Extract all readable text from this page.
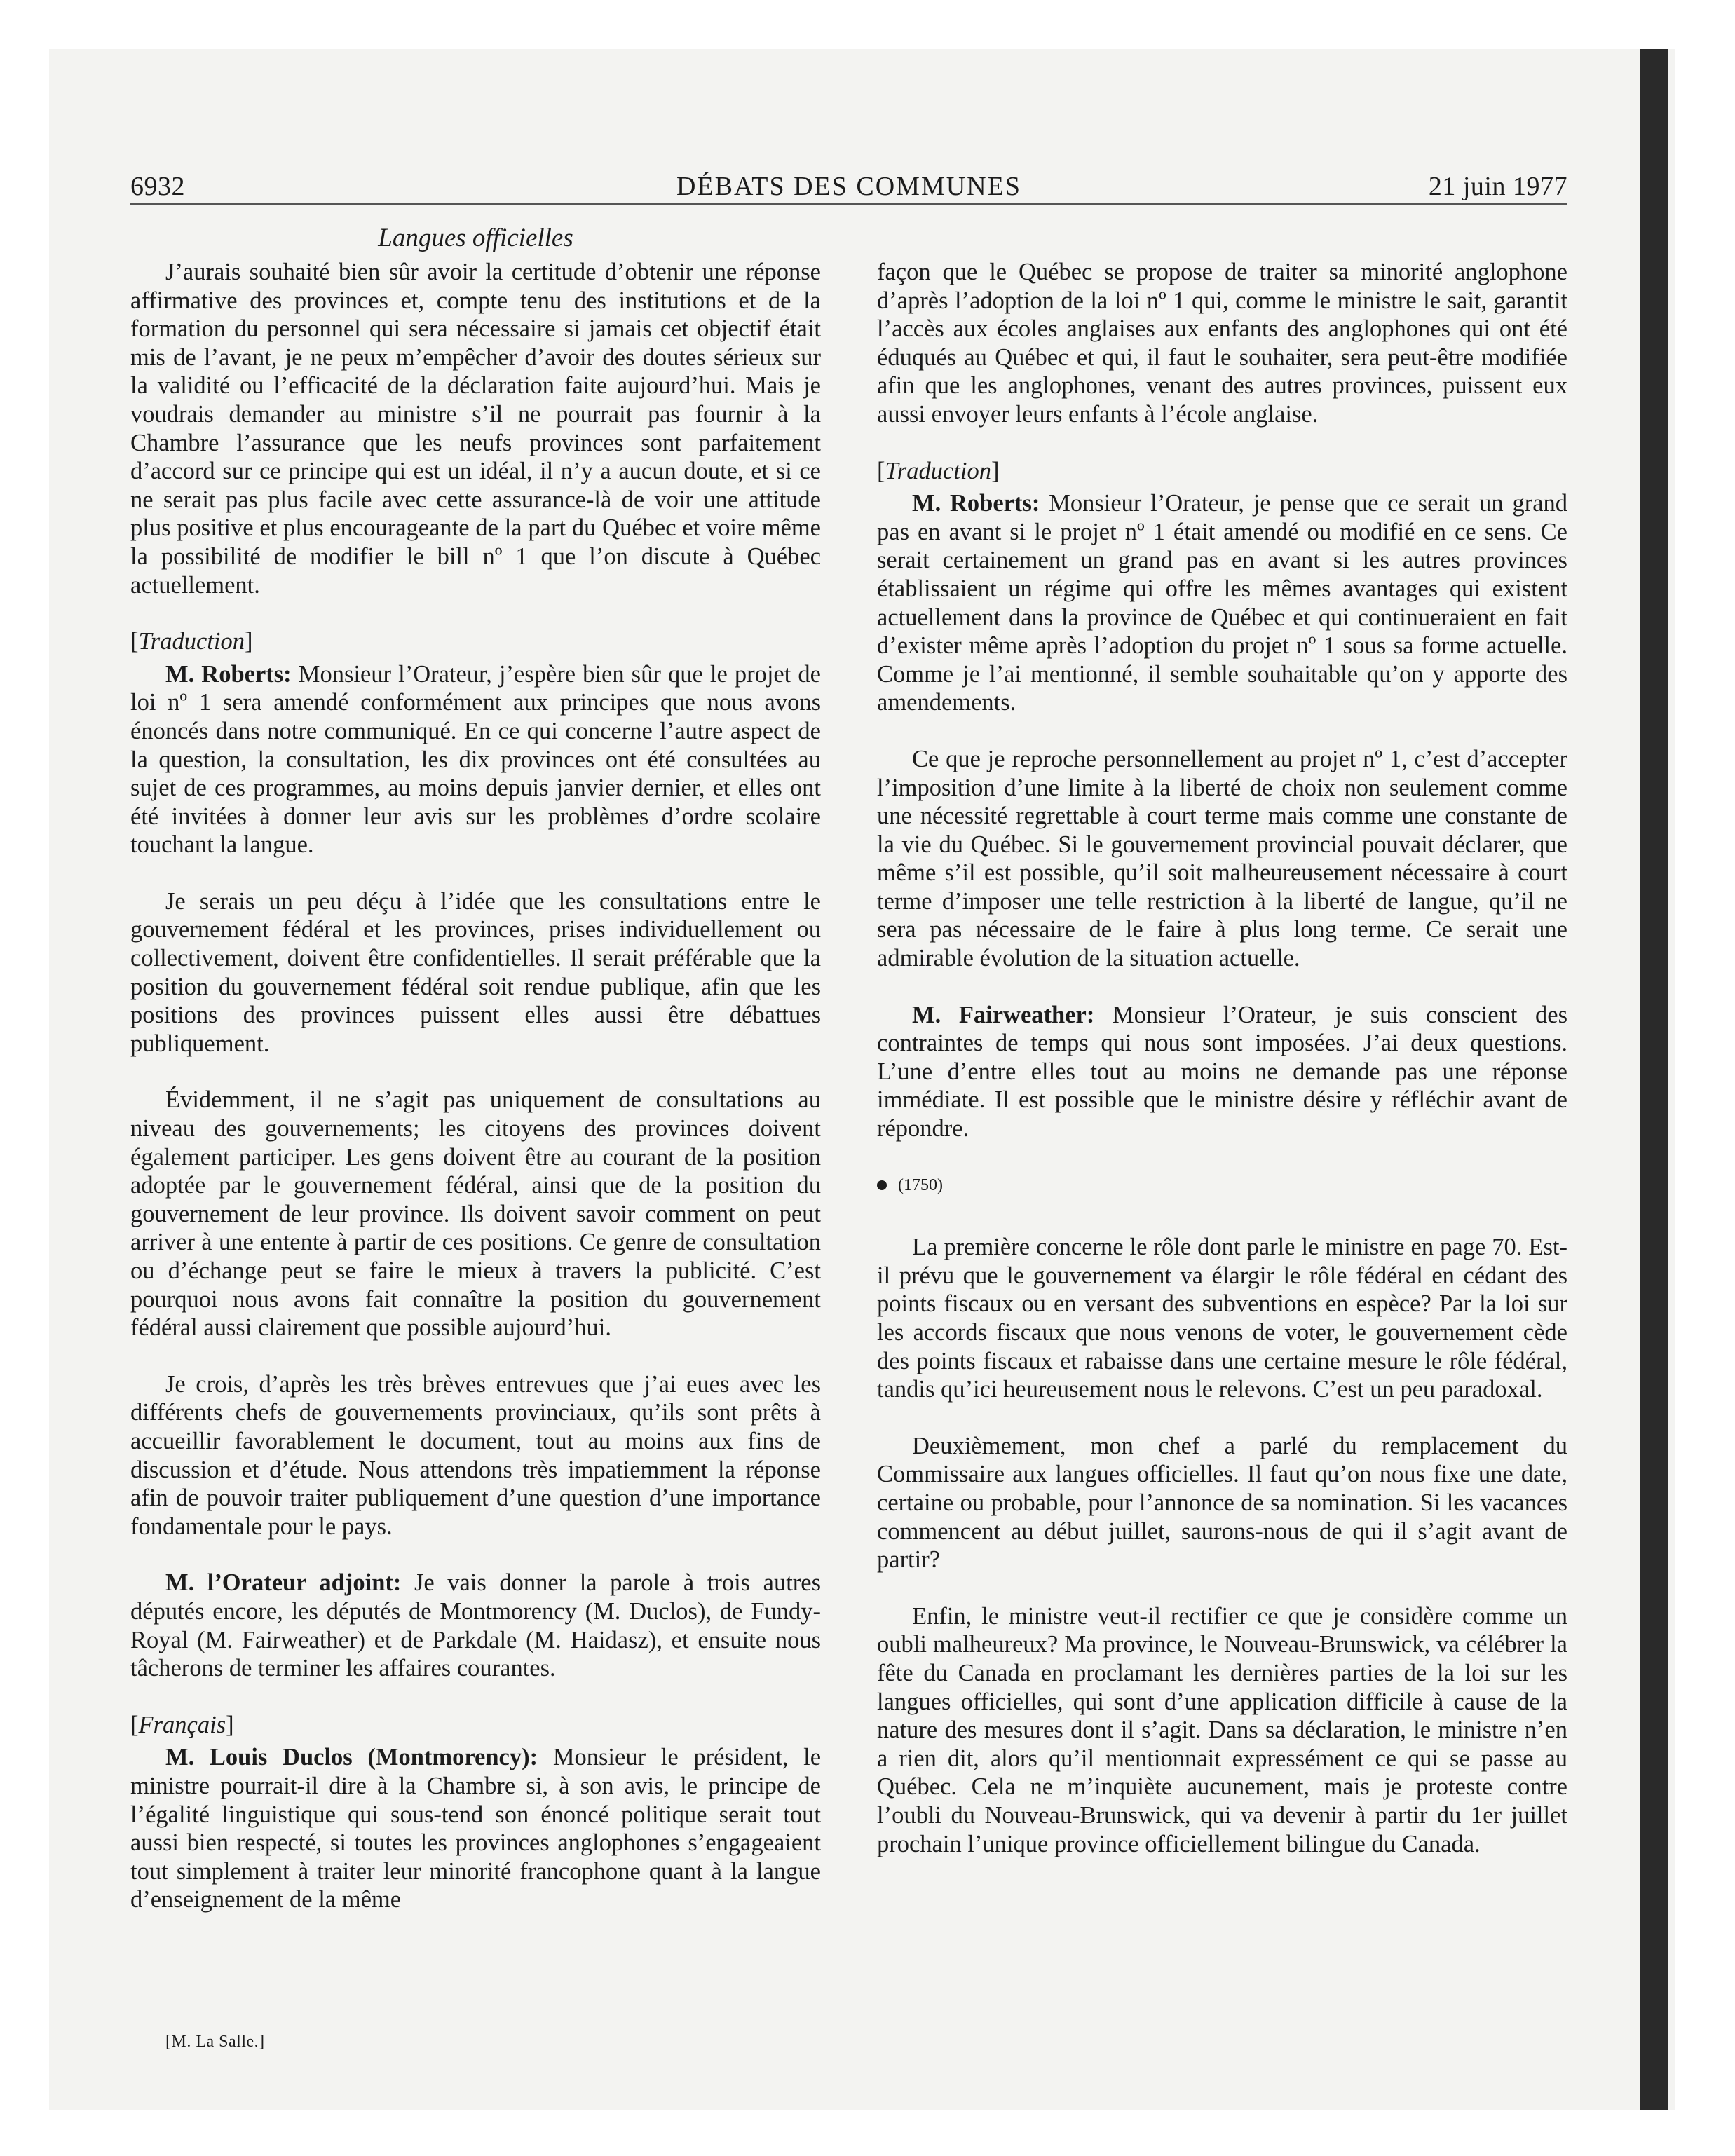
6932	DÉBATS DES COMMUNES	21 juin 1977
Langues officielles

J’aurais souhaité bien sûr avoir la certitude d’obtenir une réponse affirmative des provinces et, compte tenu des institutions et de la formation du personnel qui sera nécessaire si jamais cet objectif était mis de l’avant, je ne peux m’empêcher d’avoir des doutes sérieux sur la validité ou l’efficacité de la déclaration faite aujourd’hui. Mais je voudrais demander au ministre s’il ne pourrait pas fournir à la Chambre l’assurance que les neufs provinces sont parfaitement d’accord sur ce principe qui est un idéal, il n’y a aucun doute, et si ce ne serait pas plus facile avec cette assurance-là de voir une attitude plus positive et plus encourageante de la part du Québec et voire même la possibilité de modifier le bill nº 1 que l’on discute à Québec actuellement.

[Traduction]

M. Roberts: Monsieur l’Orateur, j’espère bien sûr que le projet de loi nº 1 sera amendé conformément aux principes que nous avons énoncés dans notre communiqué. En ce qui concerne l’autre aspect de la question, la consultation, les dix provinces ont été consultées au sujet de ces programmes, au moins depuis janvier dernier, et elles ont été invitées à donner leur avis sur les problèmes d’ordre scolaire touchant la langue.

Je serais un peu déçu à l’idée que les consultations entre le gouvernement fédéral et les provinces, prises individuellement ou collectivement, doivent être confidentielles. Il serait préférable que la position du gouvernement fédéral soit rendue publique, afin que les positions des provinces puissent elles aussi être débattues publiquement.

Évidemment, il ne s’agit pas uniquement de consultations au niveau des gouvernements; les citoyens des provinces doivent également participer. Les gens doivent être au courant de la position adoptée par le gouvernement fédéral, ainsi que de la position du gouvernement de leur province. Ils doivent savoir comment on peut arriver à une entente à partir de ces positions. Ce genre de consultation ou d’échange peut se faire le mieux à travers la publicité. C’est pourquoi nous avons fait connaître la position du gouvernement fédéral aussi clairement que possible aujourd’hui.

Je crois, d’après les très brèves entrevues que j’ai eues avec les différents chefs de gouvernements provinciaux, qu’ils sont prêts à accueillir favorablement le document, tout au moins aux fins de discussion et d’étude. Nous attendons très impatiemment la réponse afin de pouvoir traiter publiquement d’une question d’une importance fondamentale pour le pays.

M. l’Orateur adjoint: Je vais donner la parole à trois autres députés encore, les députés de Montmorency (M. Duclos), de Fundy-Royal (M. Fairweather) et de Parkdale (M. Haidasz), et ensuite nous tâcherons de terminer les affaires courantes.

[Français]

M. Louis Duclos (Montmorency): Monsieur le président, le ministre pourrait-il dire à la Chambre si, à son avis, le principe de l’égalité linguistique qui sous-tend son énoncé politique serait tout aussi bien respecté, si toutes les provinces anglophones s’engageaient tout simplement à traiter leur minorité francophone quant à la langue d’enseignement de la même

façon que le Québec se propose de traiter sa minorité anglophone d’après l’adoption de la loi nº 1 qui, comme le ministre le sait, garantit l’accès aux écoles anglaises aux enfants des anglophones qui ont été éduqués au Québec et qui, il faut le souhaiter, sera peut-être modifiée afin que les anglophones, venant des autres provinces, puissent eux aussi envoyer leurs enfants à l’école anglaise.

[Traduction]

M. Roberts: Monsieur l’Orateur, je pense que ce serait un grand pas en avant si le projet nº 1 était amendé ou modifié en ce sens. Ce serait certainement un grand pas en avant si les autres provinces établissaient un régime qui offre les mêmes avantages qui existent actuellement dans la province de Québec et qui continueraient en fait d’exister même après l’adoption du projet nº 1 sous sa forme actuelle. Comme je l’ai mentionné, il semble souhaitable qu’on y apporte des amendements.

Ce que je reproche personnellement au projet nº 1, c’est d’accepter l’imposition d’une limite à la liberté de choix non seulement comme une nécessité regrettable à court terme mais comme une constante de la vie du Québec. Si le gouvernement provincial pouvait déclarer, que même s’il est possible, qu’il soit malheureusement nécessaire à court terme d’imposer une telle restriction à la liberté de langue, qu’il ne sera pas nécessaire de le faire à plus long terme. Ce serait une admirable évolution de la situation actuelle.

M. Fairweather: Monsieur l’Orateur, je suis conscient des contraintes de temps qui nous sont imposées. J’ai deux questions. L’une d’entre elles tout au moins ne demande pas une réponse immédiate. Il est possible que le ministre désire y réfléchir avant de répondre.

(1750)

La première concerne le rôle dont parle le ministre en page 70. Est-il prévu que le gouvernement va élargir le rôle fédéral en cédant des points fiscaux ou en versant des subventions en espèce? Par la loi sur les accords fiscaux que nous venons de voter, le gouvernement cède des points fiscaux et rabaisse dans une certaine mesure le rôle fédéral, tandis qu’ici heureusement nous le relevons. C’est un peu paradoxal.

Deuxièmement, mon chef a parlé du remplacement du Commissaire aux langues officielles. Il faut qu’on nous fixe une date, certaine ou probable, pour l’annonce de sa nomination. Si les vacances commencent au début juillet, saurons-nous de qui il s’agit avant de partir?

Enfin, le ministre veut-il rectifier ce que je considère comme un oubli malheureux? Ma province, le Nouveau-Brunswick, va célébrer la fête du Canada en proclamant les dernières parties de la loi sur les langues officielles, qui sont d’une application difficile à cause de la nature des mesures dont il s’agit. Dans sa déclaration, le ministre n’en a rien dit, alors qu’il mentionnait expressément ce qui se passe au Québec. Cela ne m’inquiète aucunement, mais je proteste contre l’oubli du Nouveau-Brunswick, qui va devenir à partir du 1er juillet prochain l’unique province officiellement bilingue du Canada.

[M. La Salle.]
